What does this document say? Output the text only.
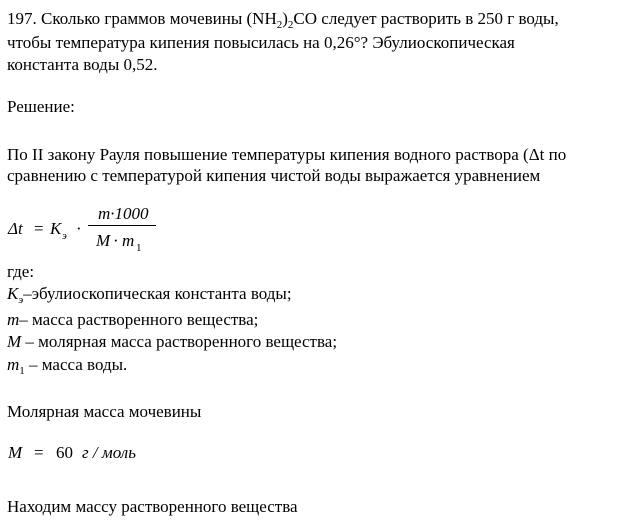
197. Сколько граммов мочевины $(NH_2)_2CO$ следует растворить в 250 г воды,
чтобы температура кипения повысилась на 0,26°? Эбулиоскопическая
константа воды 0,52.
Решение:
По II закону Рауля повышение температуры кипения водного раствора (Δt по
сравнению с температурой кипения чистой воды выражается уравнением
Δt = K э ·
m·1000
M · m 1
где:
$K_э$–эбулиоскопическая константа воды;
m– масса растворенного вещества;
M – молярная масса растворенного вещества;
$m_1$ – масса воды.
Молярная масса мочевины
M = 60 г / моль
Находим массу растворенного вещества
